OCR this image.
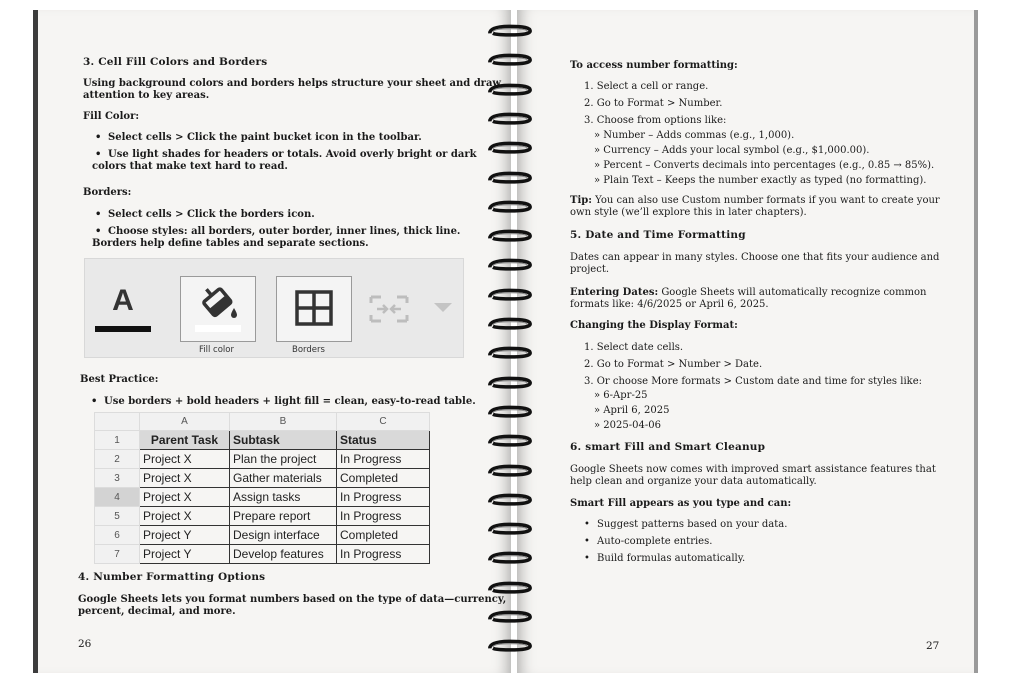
3. Cell Fill Colors and Borders
Using background colors and borders helps structure your sheet and draw
attention to key areas.
Fill Color:
• Select cells > Click the paint bucket icon in the toolbar.
• Use light shades for headers or totals. Avoid overly bright or dark
colors that make text hard to read.
Borders:
• Select cells > Click the borders icon.
• Choose styles: all borders, outer border, inner lines, thick line.
Borders help define tables and separate sections.
A
Fill color	Borders
Best Practice:
• Use borders + bold headers + light fill = clean, easy-to-read table.
	A	B	C
1	Parent Task	Subtask	Status
2	Project X	Plan the project	In Progress
3	Project X	Gather materials	Completed
4	Project X	Assign tasks	In Progress
5	Project X	Prepare report	In Progress
6	Project Y	Design interface	Completed
7	Project Y	Develop features	In Progress
4. Number Formatting Options
Google Sheets lets you format numbers based on the type of data—currency,
percent, decimal, and more.
26
To access number formatting:
1. Select a cell or range.
2. Go to Format > Number.
3. Choose from options like:
» Number – Adds commas (e.g., 1,000).
» Currency – Adds your local symbol (e.g., $1,000.00).
» Percent – Converts decimals into percentages (e.g., 0.85 → 85%).
» Plain Text – Keeps the number exactly as typed (no formatting).
Tip: You can also use Custom number formats if you want to create your
own style (we’ll explore this in later chapters).
5. Date and Time Formatting
Dates can appear in many styles. Choose one that fits your audience and
project.
Entering Dates: Google Sheets will automatically recognize common
formats like: 4/6/2025 or April 6, 2025.
Changing the Display Format:
1. Select date cells.
2. Go to Format > Number > Date.
3. Or choose More formats > Custom date and time for styles like:
» 6-Apr-25
» April 6, 2025
» 2025-04-06
6. smart Fill and Smart Cleanup
Google Sheets now comes with improved smart assistance features that
help clean and organize your data automatically.
Smart Fill appears as you type and can:
• Suggest patterns based on your data.
• Auto-complete entries.
• Build formulas automatically.
27
